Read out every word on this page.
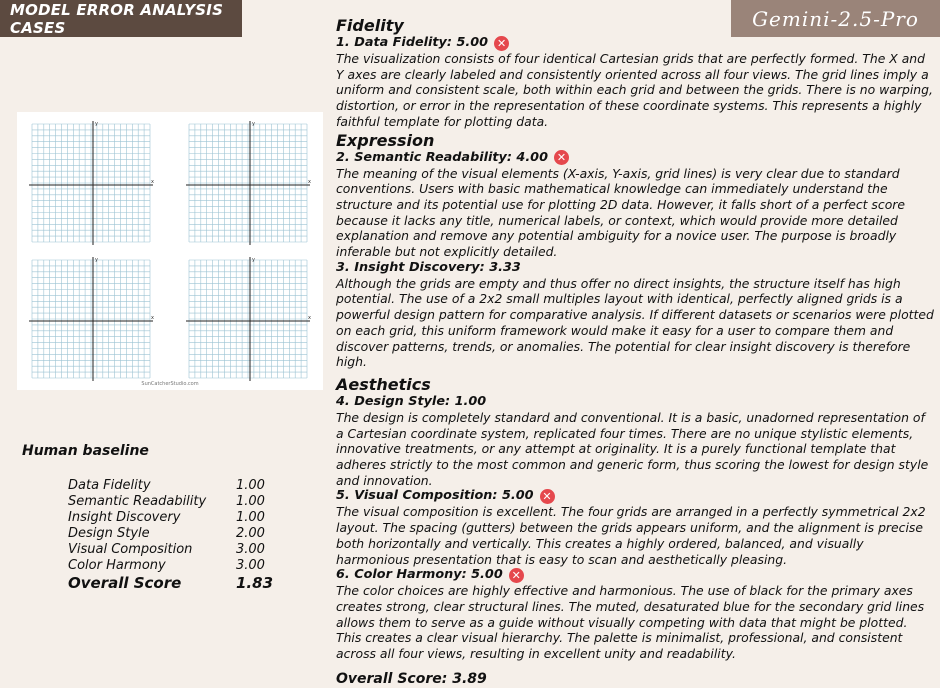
MODEL ERROR ANALYSIS CASES	Gemini-2.5-Pro
x
y
x
y
x
y
x
y
SunCatcherStudio.com
Human baseline
Data Fidelity	1.00
Semantic Readability	1.00
Insight Discovery	1.00
Design Style	2.00
Visual Composition	3.00
Color Harmony	3.00
Overall Score	1.83
Fidelity
1. Data Fidelity: 5.00 ✕

The visualization consists of four identical Cartesian grids that are perfectly formed. The X and Y axes are clearly labeled and consistently oriented across all four views. The grid lines imply a uniform and consistent scale, both within each grid and between the grids. There is no warping, distortion, or error in the representation of these coordinate systems. This represents a highly faithful template for plotting data.

Expression
2. Semantic Readability: 4.00 ✕

The meaning of the visual elements (X-axis, Y-axis, grid lines) is very clear due to standard conventions. Users with basic mathematical knowledge can immediately understand the structure and its potential use for plotting 2D data. However, it falls short of a perfect score because it lacks any title, numerical labels, or context, which would provide more detailed explanation and remove any potential ambiguity for a novice user. The purpose is broadly inferable but not explicitly detailed.

3. Insight Discovery: 3.33

Although the grids are empty and thus offer no direct insights, the structure itself has high potential. The use of a 2x2 small multiples layout with identical, perfectly aligned grids is a powerful design pattern for comparative analysis. If different datasets or scenarios were plotted on each grid, this uniform framework would make it easy for a user to compare them and discover patterns, trends, or anomalies. The potential for clear insight discovery is therefore high.

Aesthetics
4. Design Style: 1.00

The design is completely standard and conventional. It is a basic, unadorned representation of a Cartesian coordinate system, replicated four times. There are no unique stylistic elements, innovative treatments, or any attempt at originality. It is a purely functional template that adheres strictly to the most common and generic form, thus scoring the lowest for design style and innovation.

5. Visual Composition: 5.00 ✕

The visual composition is excellent. The four grids are arranged in a perfectly symmetrical 2x2 layout. The spacing (gutters) between the grids appears uniform, and the alignment is precise both horizontally and vertically. This creates a highly ordered, balanced, and visually harmonious presentation that is easy to scan and aesthetically pleasing.

6. Color Harmony: 5.00 ✕

The color choices are highly effective and harmonious. The use of black for the primary axes creates strong, clear structural lines. The muted, desaturated blue for the secondary grid lines allows them to serve as a guide without visually competing with data that might be plotted. This creates a clear visual hierarchy. The palette is minimalist, professional, and consistent across all four views, resulting in excellent unity and readability.

Overall Score: 3.89
